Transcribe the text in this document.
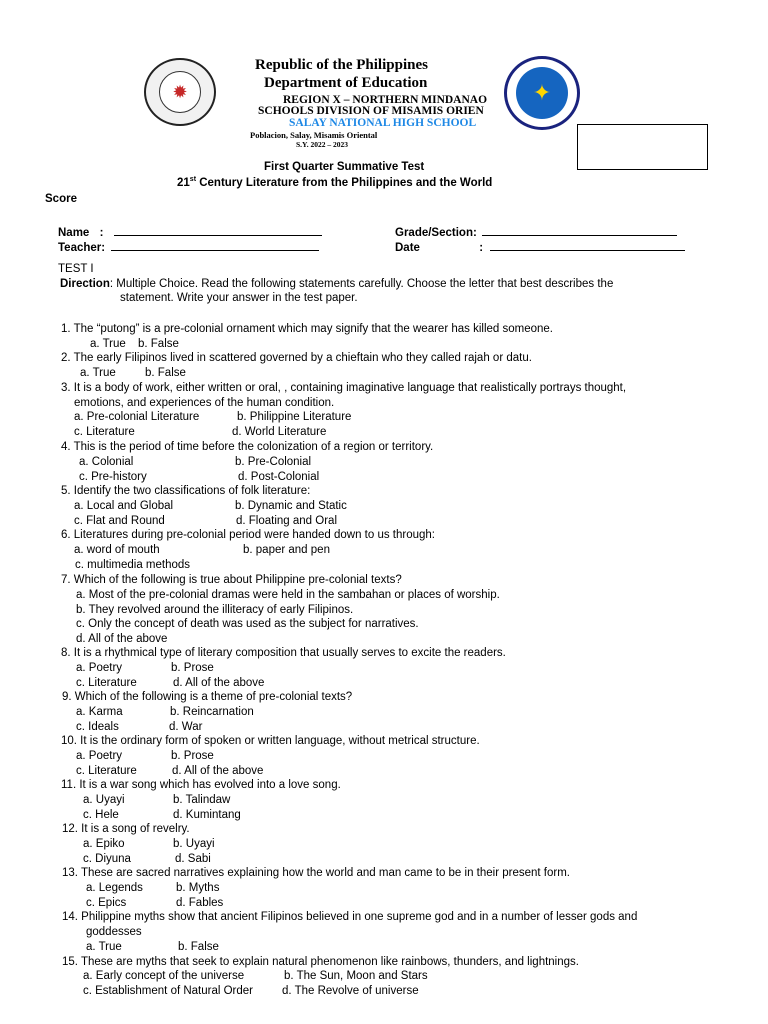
✹	✦
Republic of the Philippines
Department of Education
REGION X – NORTHERN MINDANAO
SCHOOLS DIVISION OF MISAMIS ORIEN
SALAY NATIONAL HIGH SCHOOL
Poblacion, Salay, Misamis Oriental
S.Y. 2022 – 2023
First Quarter Summative Test
21st Century Literature from the Philippines and the World
Score
Name :
Teacher:
Grade/Section:
Date	:
TEST I
Direction: Multiple Choice. Read the following statements carefully. Choose the letter that best describes the
statement. Write your answer in the test paper.
1. The “putong” is a pre-colonial ornament which may signify that the wearer has killed someone.
a. True b. False
2. The early Filipinos lived in scattered governed by a chieftain who they called rajah or datu.
a. True	b. False
3. It is a body of work, either written or oral, , containing imaginative language that realistically portrays thought,
emotions, and experiences of the human condition.
a. Pre-colonial Literature	b. Philippine Literature
c. Literature	d. World Literature
4. This is the period of time before the colonization of a region or territory.
a. Colonial	b. Pre-Colonial
c. Pre-history	d. Post-Colonial
5. Identify the two classifications of folk literature:
a. Local and Global	b. Dynamic and Static
c. Flat and Round	d. Floating and Oral
6. Literatures during pre-colonial period were handed down to us through:
a. word of mouth	b. paper and pen
c. multimedia methods
7. Which of the following is true about Philippine pre-colonial texts?
a. Most of the pre-colonial dramas were held in the sambahan or places of worship.
b. They revolved around the illiteracy of early Filipinos.
c. Only the concept of death was used as the subject for narratives.
d. All of the above
8. It is a rhythmical type of literary composition that usually serves to excite the readers.
a. Poetry	b. Prose
c. Literature	d. All of the above
9. Which of the following is a theme of pre-colonial texts?
a. Karma	b. Reincarnation
c. Ideals	d. War
10. It is the ordinary form of spoken or written language, without metrical structure.
a. Poetry	b. Prose
c. Literature	d. All of the above
11. It is a war song which has evolved into a love song.
a. Uyayi	b. Talindaw
c. Hele	d. Kumintang
12. It is a song of revelry.
a. Epiko	b. Uyayi
c. Diyuna	d. Sabi
13. These are sacred narratives explaining how the world and man came to be in their present form.
a. Legends	b. Myths
c. Epics	d. Fables
14. Philippine myths show that ancient Filipinos believed in one supreme god and in a number of lesser gods and
goddesses
a. True	b. False
15. These are myths that seek to explain natural phenomenon like rainbows, thunders, and lightnings.
a. Early concept of the universe	b. The Sun, Moon and Stars
c. Establishment of Natural Order	d. The Revolve of universe
